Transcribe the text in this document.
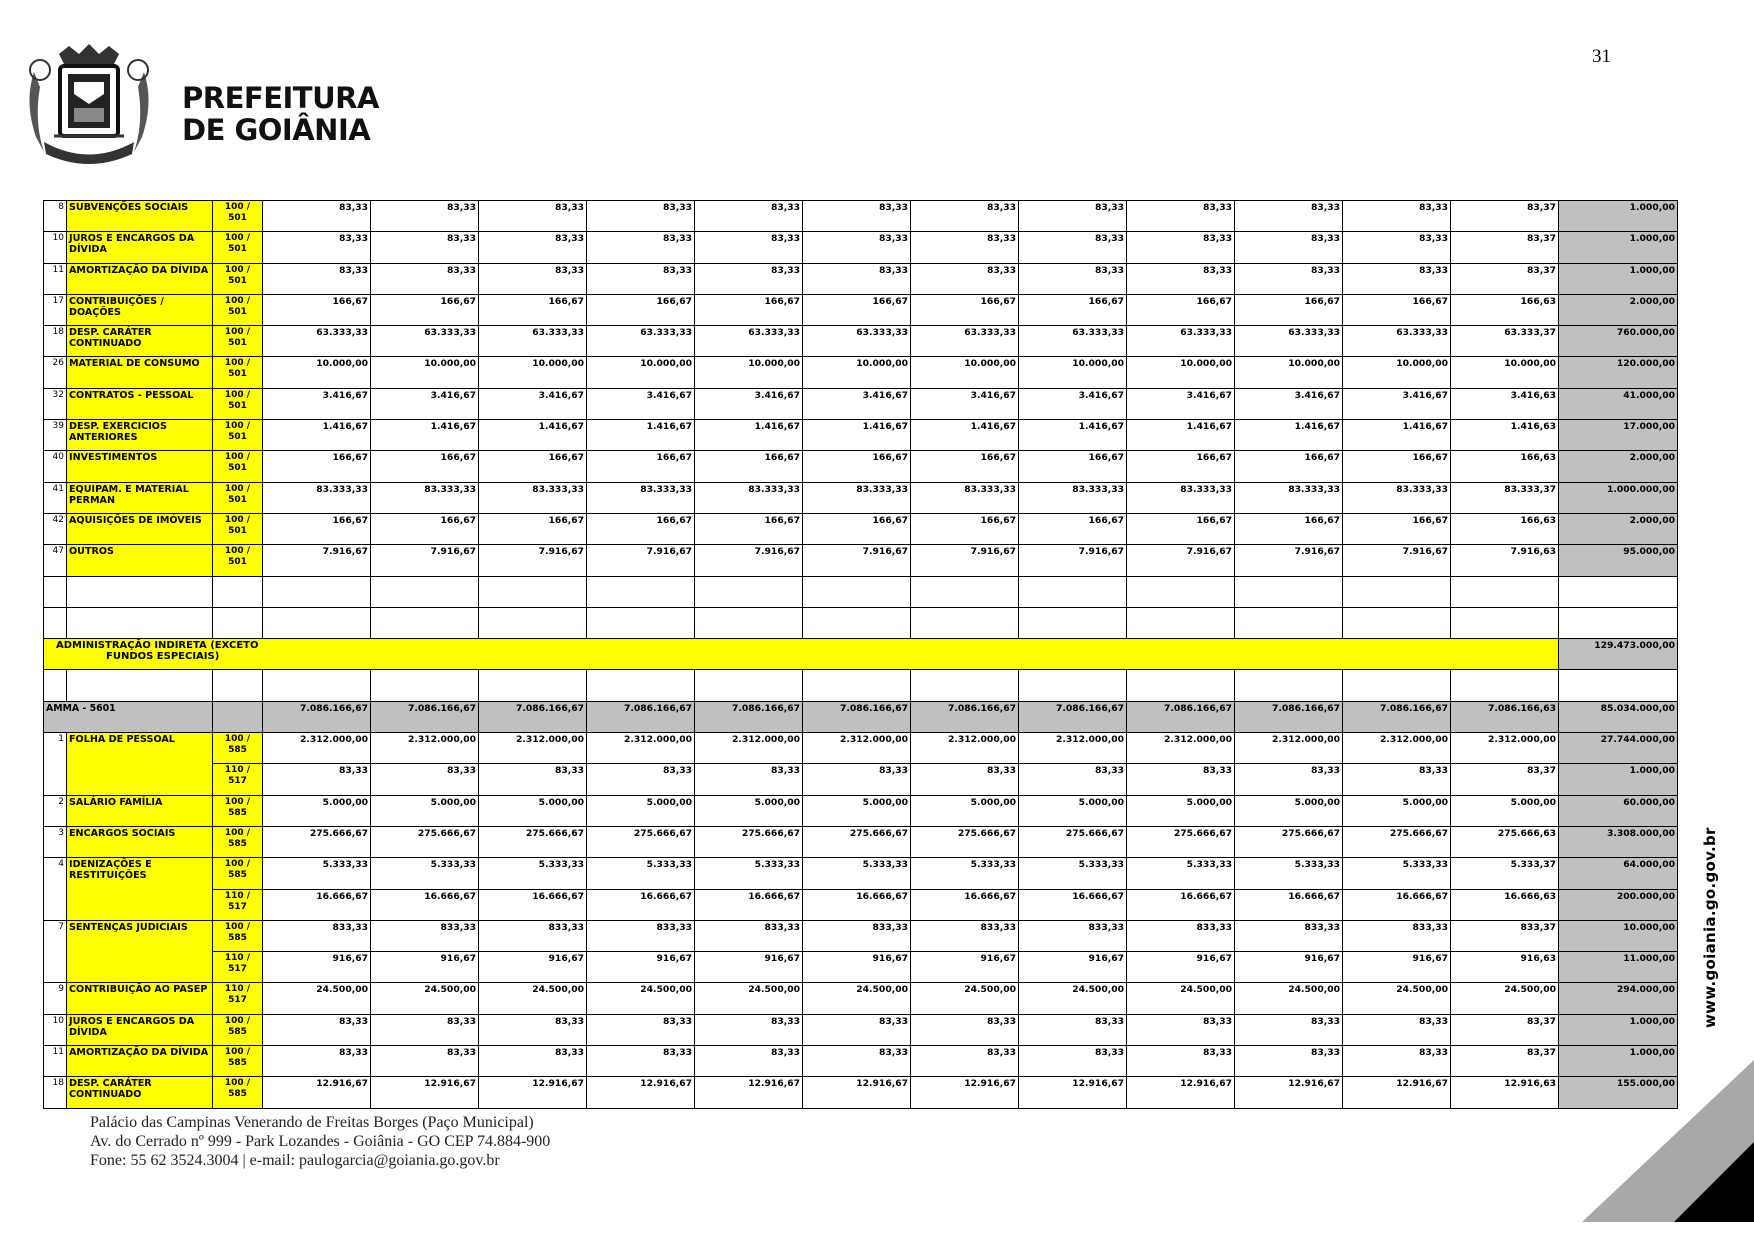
PREFEITURA
DE GOIÂNIA
31
www.goiania.go.gov.br
8	SUBVENÇÕES SOCIAIS	100 / 501	83,33	83,33	83,33	83,33	83,33	83,33	83,33	83,33	83,33	83,33	83,33	83,37	1.000,00
10	JUROS E ENCARGOS DA DÍVIDA	100 / 501	83,33	83,33	83,33	83,33	83,33	83,33	83,33	83,33	83,33	83,33	83,33	83,37	1.000,00
11	AMORTIZAÇÃO DA DÍVIDA	100 / 501	83,33	83,33	83,33	83,33	83,33	83,33	83,33	83,33	83,33	83,33	83,33	83,37	1.000,00
17	CONTRIBUIÇÕES / DOAÇÕES	100 / 501	166,67	166,67	166,67	166,67	166,67	166,67	166,67	166,67	166,67	166,67	166,67	166,63	2.000,00
18	DESP. CARÁTER CONTINUADO	100 / 501	63.333,33	63.333,33	63.333,33	63.333,33	63.333,33	63.333,33	63.333,33	63.333,33	63.333,33	63.333,33	63.333,33	63.333,37	760.000,00
26	MATERIAL DE CONSUMO	100 / 501	10.000,00	10.000,00	10.000,00	10.000,00	10.000,00	10.000,00	10.000,00	10.000,00	10.000,00	10.000,00	10.000,00	10.000,00	120.000,00
32	CONTRATOS - PESSOAL	100 / 501	3.416,67	3.416,67	3.416,67	3.416,67	3.416,67	3.416,67	3.416,67	3.416,67	3.416,67	3.416,67	3.416,67	3.416,63	41.000,00
39	DESP. EXERCICIOS ANTERIORES	100 / 501	1.416,67	1.416,67	1.416,67	1.416,67	1.416,67	1.416,67	1.416,67	1.416,67	1.416,67	1.416,67	1.416,67	1.416,63	17.000,00
40	INVESTIMENTOS	100 / 501	166,67	166,67	166,67	166,67	166,67	166,67	166,67	166,67	166,67	166,67	166,67	166,63	2.000,00
41	EQUIPAM. E MATERIAL PERMAN	100 / 501	83.333,33	83.333,33	83.333,33	83.333,33	83.333,33	83.333,33	83.333,33	83.333,33	83.333,33	83.333,33	83.333,33	83.333,37	1.000.000,00
42	AQUISIÇÕES DE IMÓVEIS	100 / 501	166,67	166,67	166,67	166,67	166,67	166,67	166,67	166,67	166,67	166,67	166,67	166,63	2.000,00
47	OUTROS	100 / 501	7.916,67	7.916,67	7.916,67	7.916,67	7.916,67	7.916,67	7.916,67	7.916,67	7.916,67	7.916,67	7.916,67	7.916,63	95.000,00

ADMINISTRAÇÃO INDIRETA (EXCETO
FUNDOS ESPECIAIS)															129.473.000,00

AMMA - 5601			7.086.166,67	7.086.166,67	7.086.166,67	7.086.166,67	7.086.166,67	7.086.166,67	7.086.166,67	7.086.166,67	7.086.166,67	7.086.166,67	7.086.166,67	7.086.166,63	85.034.000,00
1	FOLHA DE PESSOAL	100 / 585	2.312.000,00	2.312.000,00	2.312.000,00	2.312.000,00	2.312.000,00	2.312.000,00	2.312.000,00	2.312.000,00	2.312.000,00	2.312.000,00	2.312.000,00	2.312.000,00	27.744.000,00
		110 / 517	83,33	83,33	83,33	83,33	83,33	83,33	83,33	83,33	83,33	83,33	83,33	83,37	1.000,00
2	SALÁRIO FAMÍLIA	100 / 585	5.000,00	5.000,00	5.000,00	5.000,00	5.000,00	5.000,00	5.000,00	5.000,00	5.000,00	5.000,00	5.000,00	5.000,00	60.000,00
3	ENCARGOS SOCIAIS	100 / 585	275.666,67	275.666,67	275.666,67	275.666,67	275.666,67	275.666,67	275.666,67	275.666,67	275.666,67	275.666,67	275.666,67	275.666,63	3.308.000,00
4	IDENIZAÇÕES E RESTITUIÇÕES	100 / 585	5.333,33	5.333,33	5.333,33	5.333,33	5.333,33	5.333,33	5.333,33	5.333,33	5.333,33	5.333,33	5.333,33	5.333,37	64.000,00
		110 / 517	16.666,67	16.666,67	16.666,67	16.666,67	16.666,67	16.666,67	16.666,67	16.666,67	16.666,67	16.666,67	16.666,67	16.666,63	200.000,00
7	SENTENÇAS JUDICIAIS	100 / 585	833,33	833,33	833,33	833,33	833,33	833,33	833,33	833,33	833,33	833,33	833,33	833,37	10.000,00
		110 / 517	916,67	916,67	916,67	916,67	916,67	916,67	916,67	916,67	916,67	916,67	916,67	916,63	11.000,00
9	CONTRIBUIÇÃO AO PASEP	110 / 517	24.500,00	24.500,00	24.500,00	24.500,00	24.500,00	24.500,00	24.500,00	24.500,00	24.500,00	24.500,00	24.500,00	24.500,00	294.000,00
10	JUROS E ENCARGOS DA DÍVIDA	100 / 585	83,33	83,33	83,33	83,33	83,33	83,33	83,33	83,33	83,33	83,33	83,33	83,37	1.000,00
11	AMORTIZAÇÃO DA DÍVIDA	100 / 585	83,33	83,33	83,33	83,33	83,33	83,33	83,33	83,33	83,33	83,33	83,33	83,37	1.000,00
18	DESP. CARÁTER CONTINUADO	100 / 585	12.916,67	12.916,67	12.916,67	12.916,67	12.916,67	12.916,67	12.916,67	12.916,67	12.916,67	12.916,67	12.916,67	12.916,63	155.000,00
Palácio das Campinas Venerando de Freitas Borges (Paço Municipal)
Av. do Cerrado nº 999 - Park Lozandes - Goiânia - GO CEP 74.884-900
Fone: 55 62 3524.3004 | e-mail: paulogarcia@goiania.go.gov.br
